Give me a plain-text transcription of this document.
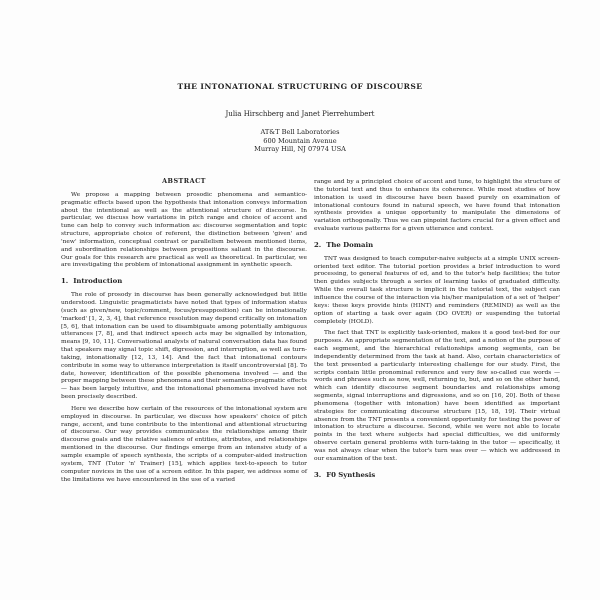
THE INTONATIONAL STRUCTURING OF DISCOURSE
Julia Hirschberg and Janet Pierrehumbert
AT&T Bell Laboratories
600 Mountain Avenue
Murray Hill, NJ 07974 USA
ABSTRACT

We propose a mapping between prosodic phenomena and semantico-pragmatic effects based upon the hypothesis that intonation conveys information about the intentional as well as the attentional structure of discourse. In particular, we discuss how variations in pitch range and choice of accent and tune can help to convey such information as: discourse segmentation and topic structure, appropriate choice of referent, the distinction between 'given' and 'new' information, conceptual contrast or parallelism between mentioned items, and subordination relationships between propositions saliant in the discourse. Our goals for this research are practical as well as theoretical. In particular, we are investigating the problem of intonational assignment in synthetic speech.

1. Introduction

The role of prosody in discourse has been generally acknowledged but little understood. Linguistic pragmaticists have noted that types of information status (such as given/new, topic/comment, focus/presupposition) can be intonationally 'marked' [1, 2, 3, 4], that reference resolution may depend critically on intonation [5, 6], that intonation can be used to disambiguate among potentially ambiguous utterances [7, 8], and that indirect speech acts may be signalled by intonation, means [9, 10, 11]. Conversational analysts of natural conversation data has found that speakers may signal topic shift, digression, and interruption, as well as turn-taking, intonationally [12, 13, 14]. And the fact that intonational contours contribute in some way to utterance interpretation is itself uncontroversial [8]. To date, however, identification of the possible phenomena involved — and the proper mapping between these phenomena and their semantico-pragmatic effects — has been largely intuitive, and the intonational phenomena involved have not been precisely described.

Here we describe how certain of the resources of the intonational system are employed in discourse. In particular, we discuss how speakers' choice of pitch range, accent, and tune contribute to the intentional and attentional structuring of discourse. Our way provides communicates the relationships among their discourse goals and the relative salience of entities, attributes, and relationships mentioned in the discourse. Our findings emerge from an intensive study of a sample example of speech synthesis, the scripts of a computer-aided instruction system, TNT (Tutor 'n' Trainer) [15], which applies text-to-speech to tutor computer novices in the use of a screen editor. In this paper, we address some of the limitations we have encountered in the use of a varied

range and by a principled choice of accent and tune, to highlight the structure of the tutorial text and thus to enhance its coherence. While most studies of how intonation is used in discourse have been based purely on examination of intonational contours found in natural speech, we have found that intonation synthesis provides a unique opportunity to manipulate the dimensions of variation orthogonally. Thus we can pinpoint factors crucial for a given effect and evaluate various patterns for a given utterance and context.

2. The Domain

TNT was designed to teach computer-naive subjects at a simple UNIX screen-oriented text editor. The tutorial portion provides a brief introduction to word processing, to general features of ed, and to the tutor's help facilities; the tutor then guides subjects through a series of learning tasks of graduated difficulty. While the overall task structure is implicit in the tutorial text, the subject can influence the course of the interaction via his/her manipulation of a set of 'helper' keys: these keys provide hints (HINT) and reminders (REMIND) as well as the option of starting a task over again (DO OVER) or suspending the tutorial completely (HOLD).

The fact that TNT is explicitly task-oriented, makes it a good test-bed for our purposes. An appropriate segmentation of the text, and a notion of the purpose of each segment, and the hierarchical relationships among segments, can be independently determined from the task at hand. Also, certain characteristics of the text presented a particularly interesting challenge for our study. First, the scripts contain little pronominal reference and very few so-called cue words — words and phrases such as now, well, returning to, but, and so on the other hand, which can identify discourse segment boundaries and relationships among segments, signal interruptions and digressions, and so on [16, 20]. Both of these phenomena (together with intonation) have been identified as important strategies for communicating discourse structure [15, 18, 19]. Their virtual absence from the TNT presents a convenient opportunity for testing the power of intonation to structure a discourse. Second, while we were not able to locate points in the text where subjects had special difficulties, we did uniformly observe certain general problems with turn-taking in the tutor — specifically, it was not always clear when the tutor's turn was over — which we addressed in our examination of the text.

3. F0 Synthesis
